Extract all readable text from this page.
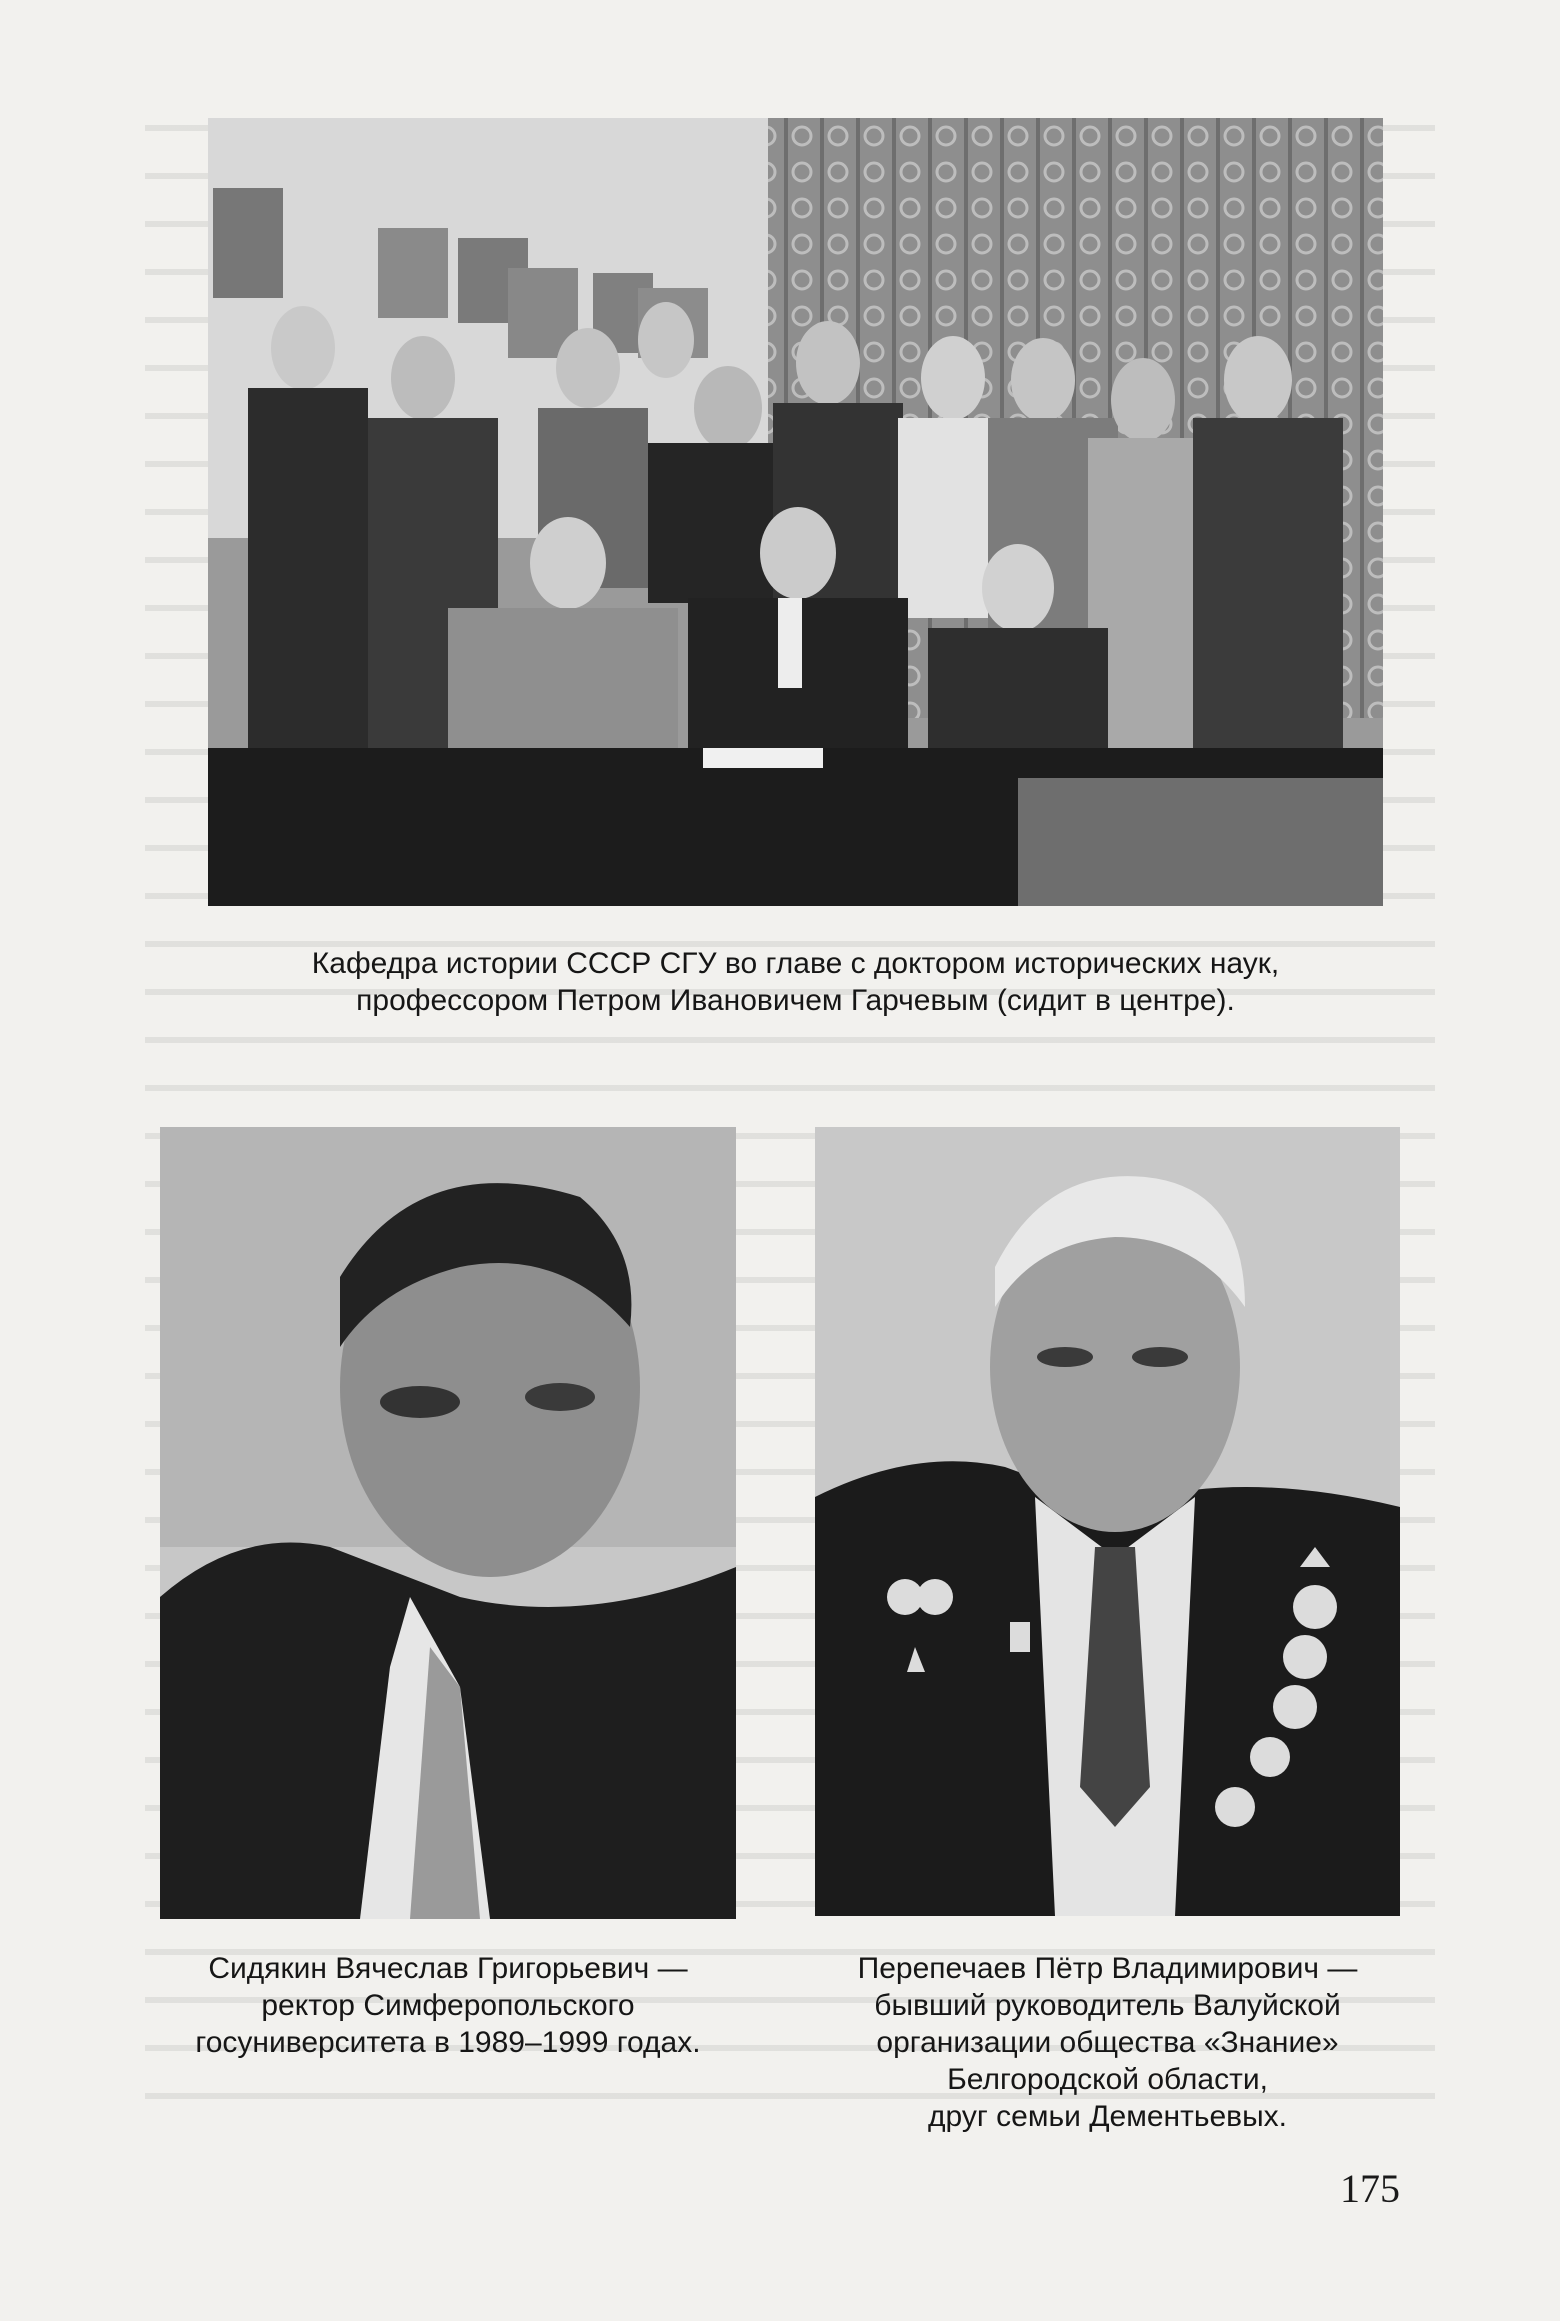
Кафедра истории СССР СГУ во главе с доктором исторических наук,
профессором Петром Ивановичем Гарчевым (сидит в центре).
Сидякин Вячеслав Григорьевич —
ректор Симферопольского
госуниверситета в 1989–1999 годах.
Перепечаев Пётр Владимирович —
бывший руководитель Валуйской
организации общества «Знание»
Белгородской области,
друг семьи Дементьевых.
175
